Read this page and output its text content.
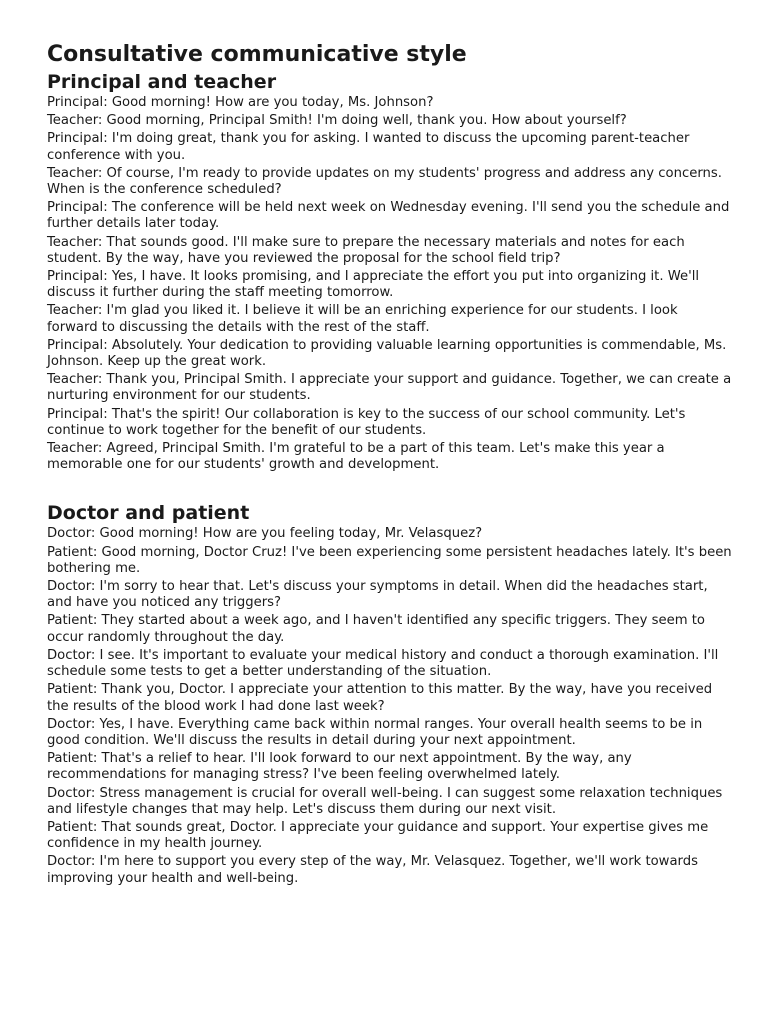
Consultative communicative style
Principal and teacher

Principal: Good morning! How are you today, Ms. Johnson?

Teacher: Good morning, Principal Smith! I'm doing well, thank you. How about yourself?

Principal: I'm doing great, thank you for asking. I wanted to discuss the upcoming parent-teacher conference with you.

Teacher: Of course, I'm ready to provide updates on my students' progress and address any concerns. When is the conference scheduled?

Principal: The conference will be held next week on Wednesday evening. I'll send you the schedule and further details later today.

Teacher: That sounds good. I'll make sure to prepare the necessary materials and notes for each student. By the way, have you reviewed the proposal for the school field trip?

Principal: Yes, I have. It looks promising, and I appreciate the effort you put into organizing it. We'll discuss it further during the staff meeting tomorrow.

Teacher: I'm glad you liked it. I believe it will be an enriching experience for our students. I look forward to discussing the details with the rest of the staff.

Principal: Absolutely. Your dedication to providing valuable learning opportunities is commendable, Ms. Johnson. Keep up the great work.

Teacher: Thank you, Principal Smith. I appreciate your support and guidance. Together, we can create a nurturing environment for our students.

Principal: That's the spirit! Our collaboration is key to the success of our school community. Let's continue to work together for the benefit of our students.

Teacher: Agreed, Principal Smith. I'm grateful to be a part of this team. Let's make this year a memorable one for our students' growth and development.

Doctor and patient

Doctor: Good morning! How are you feeling today, Mr. Velasquez?

Patient: Good morning, Doctor Cruz! I've been experiencing some persistent headaches lately. It's been bothering me.

Doctor: I'm sorry to hear that. Let's discuss your symptoms in detail. When did the headaches start, and have you noticed any triggers?

Patient: They started about a week ago, and I haven't identified any specific triggers. They seem to occur randomly throughout the day.

Doctor: I see. It's important to evaluate your medical history and conduct a thorough examination. I'll schedule some tests to get a better understanding of the situation.

Patient: Thank you, Doctor. I appreciate your attention to this matter. By the way, have you received the results of the blood work I had done last week?

Doctor: Yes, I have. Everything came back within normal ranges. Your overall health seems to be in good condition. We'll discuss the results in detail during your next appointment.

Patient: That's a relief to hear. I'll look forward to our next appointment. By the way, any recommendations for managing stress? I've been feeling overwhelmed lately.

Doctor: Stress management is crucial for overall well-being. I can suggest some relaxation techniques and lifestyle changes that may help. Let's discuss them during our next visit.

Patient: That sounds great, Doctor. I appreciate your guidance and support. Your expertise gives me confidence in my health journey.

Doctor: I'm here to support you every step of the way, Mr. Velasquez. Together, we'll work towards improving your health and well-being.
